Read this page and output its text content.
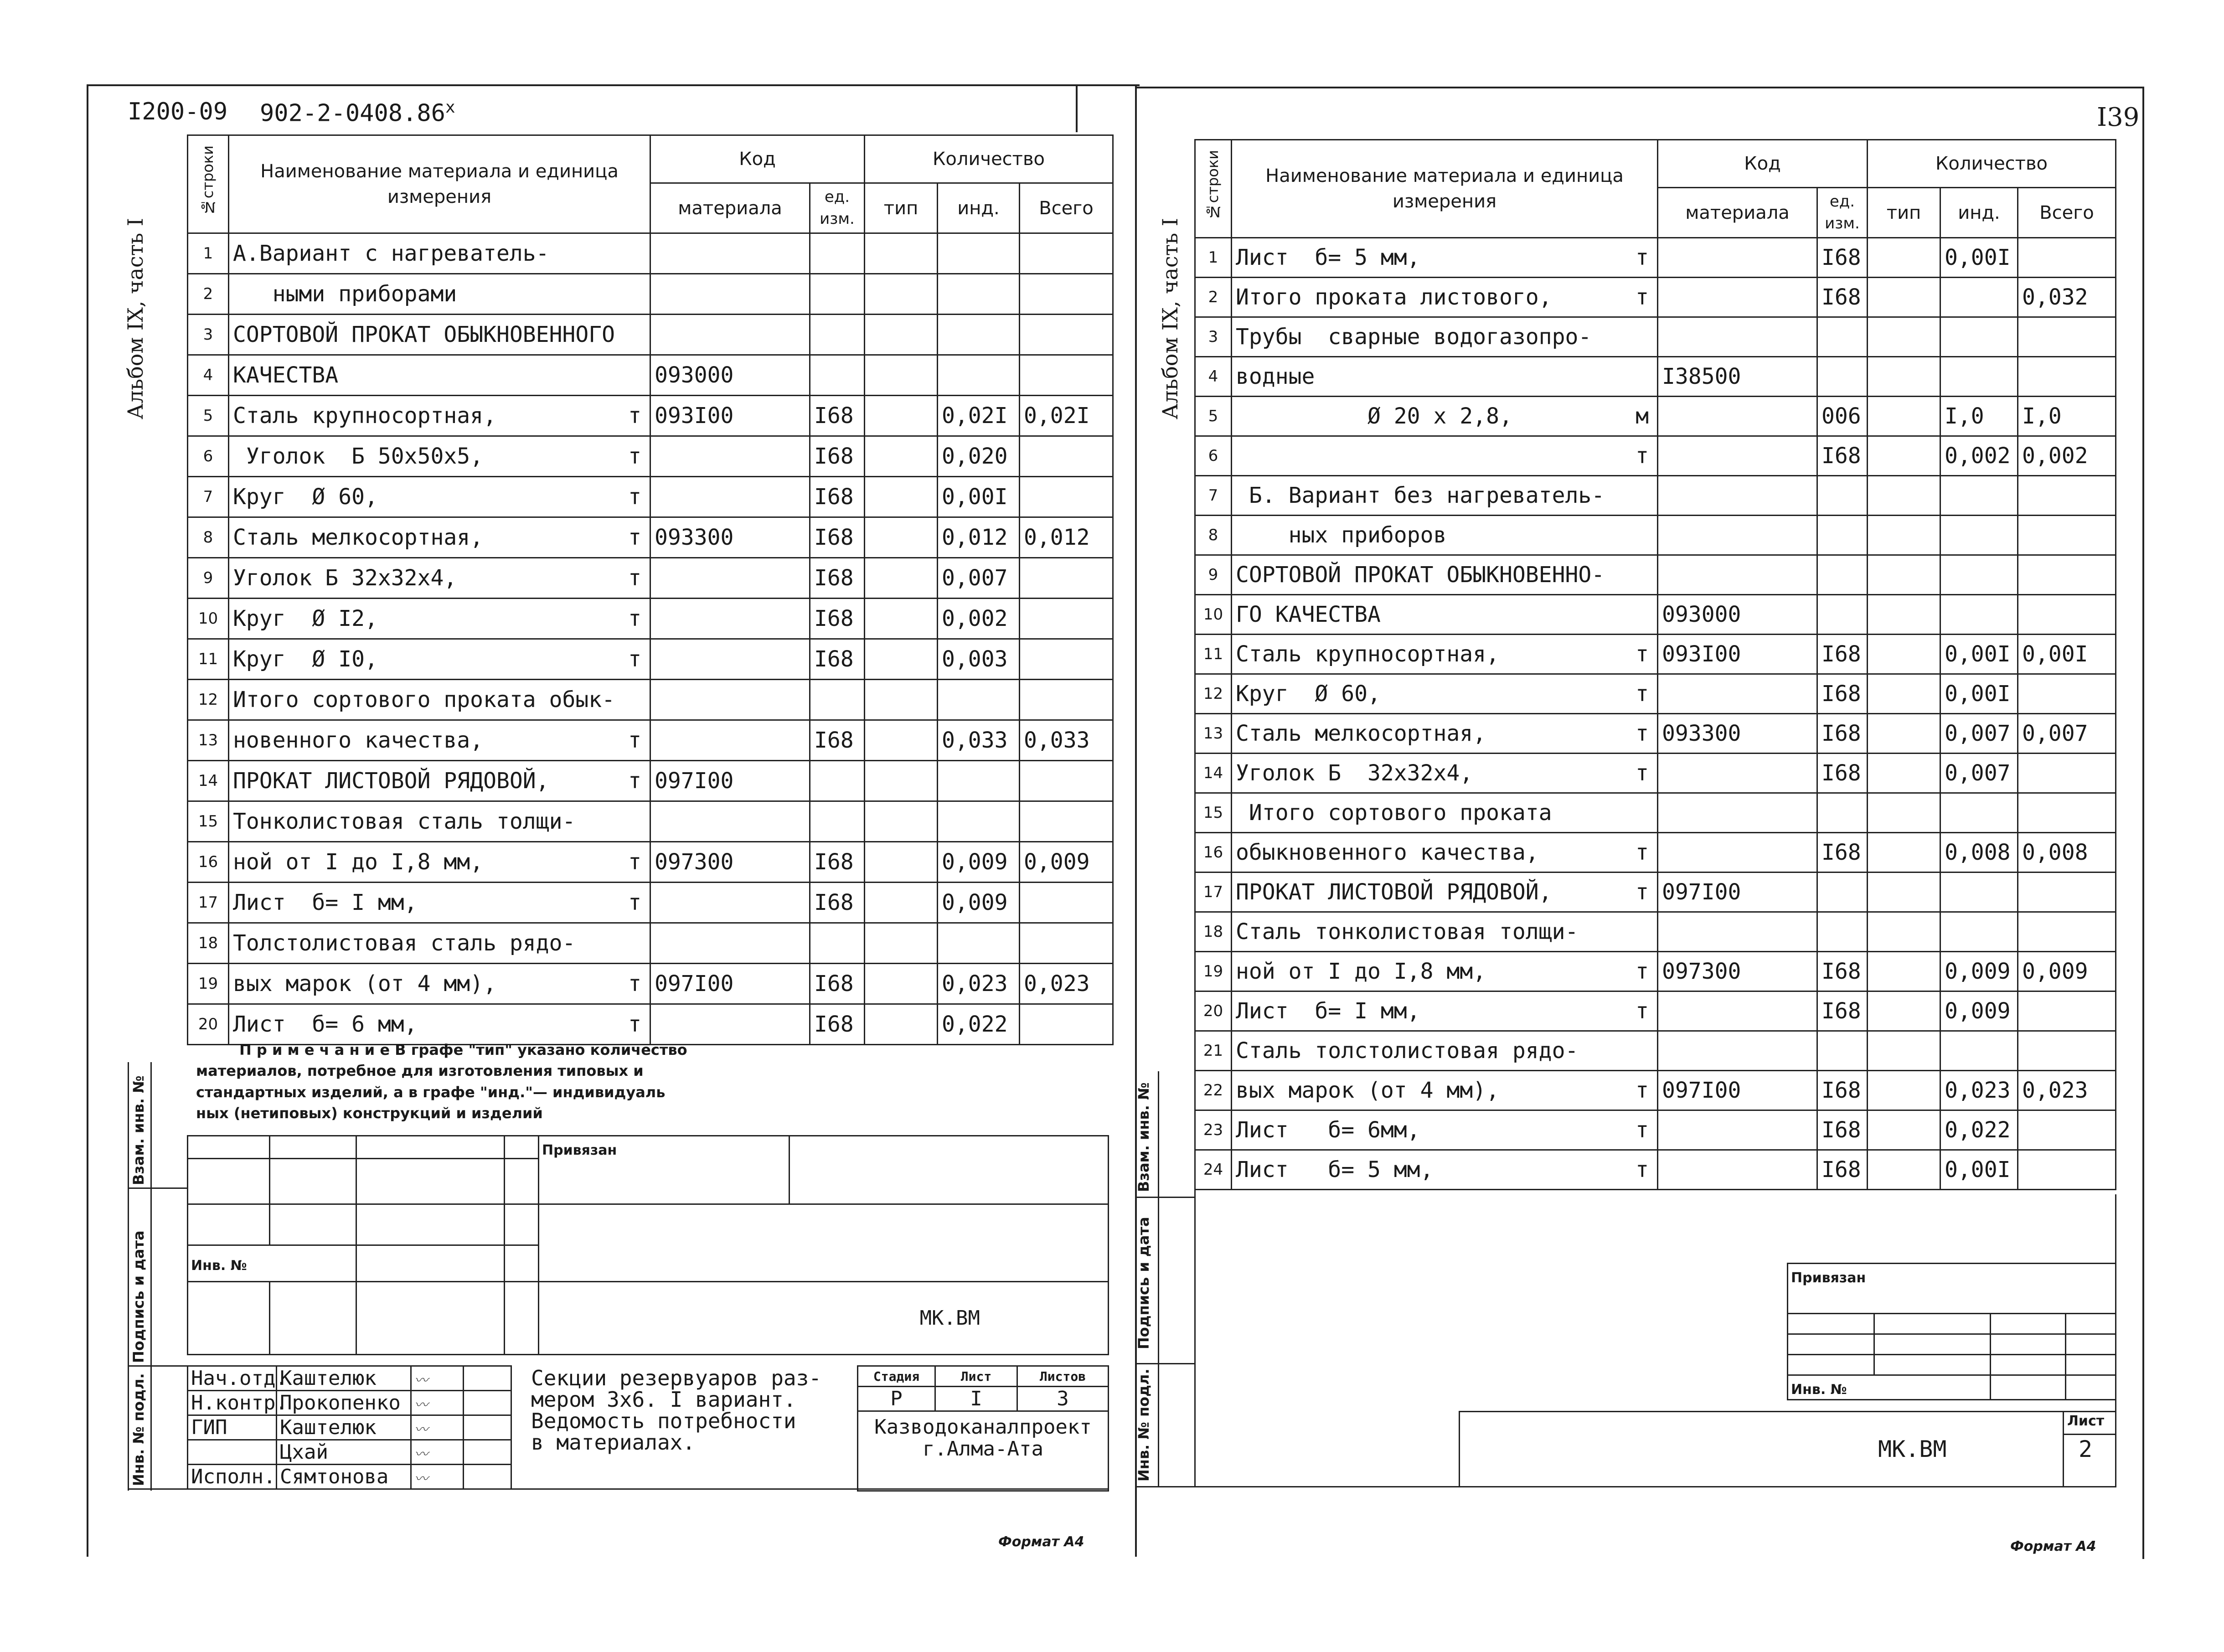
I200-09 902-2-0408.86$^x$	I39
Альбом IX, часть I	Альбом IX, часть I
№строки	Наименование материала и единица измерения	Код		Количество		
		материала	ед. изм.	тип	инд.	Всего
1	А.Вариант с нагреватель-					

2	ными приборами					

3	СОРТОВОЙ ПРОКАТ ОБЫКНОВЕННОГО					

4	КАЧЕСТВА	093000				
5	Сталь крупносортная, т	093I00	I68		0,02I	0,02I
6	Уголок  Б 50х50х5, т		I68		0,020	
7	Круг  Ø 60, т		I68		0,00I	
8	Сталь мелкосортная, т	093300	I68		0,012	0,012
9	Уголок Б 32х32х4, т		I68		0,007	
10	Круг  Ø I2, т		I68		0,002	
11	Круг  Ø I0, т		I68		0,003	
12	Итого сортового проката обык-					

13	новенного качества, т		I68		0,033	0,033
14	ПРОКАТ ЛИСТОВОЙ РЯДОВОЙ, т	097I00				
15	Тонколистовая сталь толщи-					

16	ной от I до I,8 мм, т	097300	I68		0,009	0,009
17	Лист  б= I мм, т		I68		0,009	
18	Толстолистовая сталь рядо-					

19	вых марок (от 4 мм), т	097I00	I68		0,023	0,023
20	Лист  б= 6 мм, т		I68		0,022	
Взам. инв. №
Подпись и дата
Инв. № подл.
П р и м е ч а н и е В графе "тип" указано количество
материалов, потребное для изготовления типовых и
стандартных изделий, а в графе "инд."— индивидуаль
ных (нетиповых) конструкций и изделий
				Привязан	

Инв. №					
				МК.ВМ	
Нач.отд.	Каштелюк	〰	
Н.контр.	Прокопенко	〰	
ГИП	Каштелюк	〰	
	Цхай	〰	
Исполн.	Сямтонова	〰	
Секции резервуаров раз-
мером 3х6. I вариант.
Ведомость потребности
в материалах.
Стадия	Лист	Листов
Р	I	3

Казводоканалпроект
г.Алма-Ата		
Формат А4
№строки	Наименование материала и единица измерения	Код		Количество		
		материала	ед. изм.	тип	инд.	Всего
1	Лист  б= 5 мм, т		I68		0,00I	
2	Итого проката листового, т		I68			0,032
3	Трубы  сварные водогазопро-					

4	водные	I38500				
5	Ø 20 х 2,8, м		006		I,0	I,0
6	т		I68		0,002	0,002
7	Б. Вариант без нагреватель-					

8	ных приборов					

9	СОРТОВОЙ ПРОКАТ ОБЫКНОВЕННО-					

10	ГО КАЧЕСТВА	093000				
11	Сталь крупносортная, т	093I00	I68		0,00I	0,00I
12	Круг  Ø 60, т		I68		0,00I	
13	Сталь мелкосортная, т	093300	I68		0,007	0,007
14	Уголок Б  32х32х4, т		I68		0,007	
15	Итого сортового проката					

16	обыкновенного качества, т		I68		0,008	0,008
17	ПРОКАТ ЛИСТОВОЙ РЯДОВОЙ, т	097I00				
18	Сталь тонколистовая толщи-					

19	ной от I до I,8 мм, т	097300	I68		0,009	0,009
20	Лист  б= I мм, т		I68		0,009	
21	Сталь толстолистовая рядо-					

22	вых марок (от 4 мм), т	097I00	I68		0,023	0,023
23	Лист   б= 6мм, т		I68		0,022	
24	Лист   б= 5 мм, т		I68		0,00I	
Взам. инв. №
Подпись и дата
Инв. № подл.
Привязан			

Инв. №			
МК.ВМ
Лист
2
Формат А4
